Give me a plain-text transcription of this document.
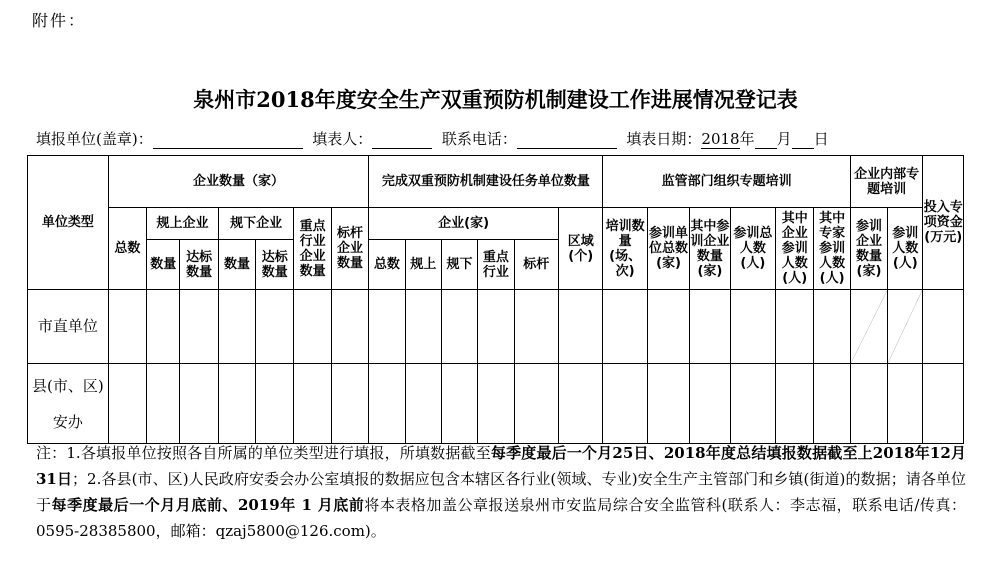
附件：
泉州市2018年度安全生产双重预防机制建设工作进展情况登记表
填报单位(盖章)：	填表人：	联系电话：	填表日期：2018年 月 日
单位类型	企业数量（家）							完成双重预防机制建设任务单位数量						监管部门组织专题培训						企业内部专题培训		投入专项资金(万元)
	总数	规上企业		规下企业		重点行业企业数量	标杆企业数量	企业(家)					区域(个)	培训数量(场、次)	参训单位总数(家)	其中参训企业数量(家)	参训总人数(人)	其中企业参训人数(人)	其中专家参训人数(人)	参训企业数量(家)	参训人数(人)	
		数量	达标数量	数量	达标数量			总数	规上	规下	重点行业	标杆										
市直单位																				

县(市、区)安办																						
注：1.各填报单位按照各自所属的单位类型进行填报，所填数据截至每季度最后一个月25日、2018年度总结填报数据截至上2018年12月31日；2.各县(市、区)人民政府安委会办公室填报的数据应包含本辖区各行业(领域、专业)安全生产主管部门和乡镇(街道)的数据；请各单位于每季度最后一个月月底前、2019年 1 月底前将本表格加盖公章报送泉州市安监局综合安全监管科(联系人：李志福，联系电话/传真：0595-28385800，邮箱：qzaj5800@126.com)。
